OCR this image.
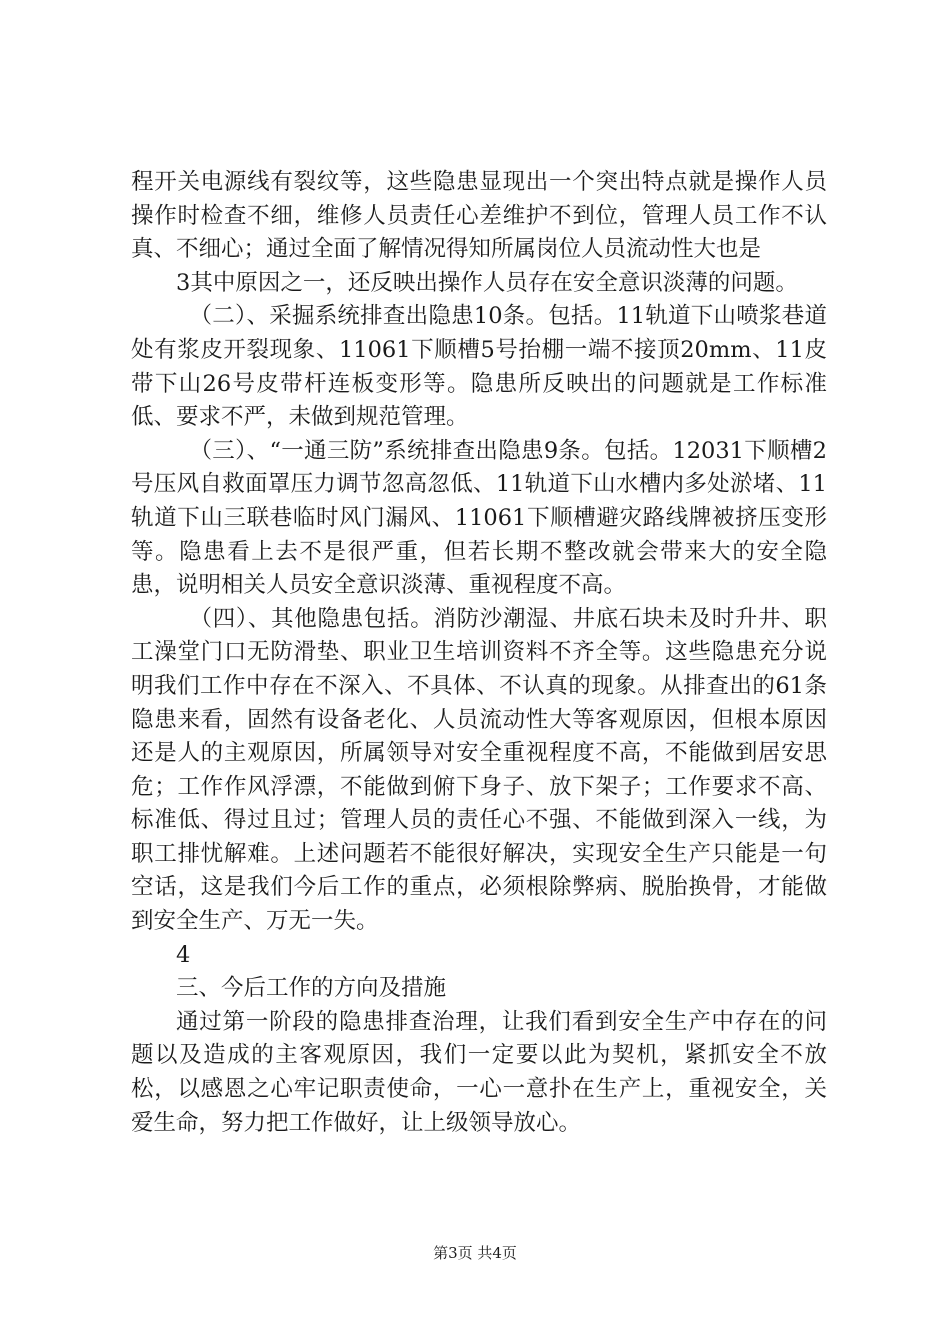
程开关电源线有裂纹等，这些隐患显现出一个突出特点就是操作人员操作时检查不细，维修人员责任心差维护不到位，管理人员工作不认真、不细心；通过全面了解情况得知所属岗位人员流动性大也是

3其中原因之一，还反映出操作人员存在安全意识淡薄的问题。

（二）、采掘系统排查出隐患10条。包括。11轨道下山喷浆巷道处有浆皮开裂现象、11061下顺槽5号抬棚一端不接顶20mm、11皮带下山26号皮带杆连板变形等。隐患所反映出的问题就是工作标准低、要求不严，未做到规范管理。

（三）、“一通三防”系统排查出隐患9条。包括。12031下顺槽2号压风自救面罩压力调节忽高忽低、11轨道下山水槽内多处淤堵、11轨道下山三联巷临时风门漏风、11061下顺槽避灾路线牌被挤压变形等。隐患看上去不是很严重，但若长期不整改就会带来大的安全隐患，说明相关人员安全意识淡薄、重视程度不高。

（四）、其他隐患包括。消防沙潮湿、井底石块未及时升井、职工澡堂门口无防滑垫、职业卫生培训资料不齐全等。这些隐患充分说明我们工作中存在不深入、不具体、不认真的现象。从排查出的61条隐患来看，固然有设备老化、人员流动性大等客观原因，但根本原因还是人的主观原因，所属领导对安全重视程度不高，不能做到居安思危；工作作风浮漂，不能做到俯下身子、放下架子；工作要求不高、标准低、得过且过；管理人员的责任心不强、不能做到深入一线，为职工排忧解难。上述问题若不能很好解决，实现安全生产只能是一句空话，这是我们今后工作的重点，必须根除弊病、脱胎换骨，才能做到安全生产、万无一失。

4

三、今后工作的方向及措施

通过第一阶段的隐患排查治理，让我们看到安全生产中存在的问题以及造成的主客观原因，我们一定要以此为契机，紧抓安全不放松，以感恩之心牢记职责使命，一心一意扑在生产上，重视安全，关爱生命，努力把工作做好，让上级领导放心。

第3页 共4页
